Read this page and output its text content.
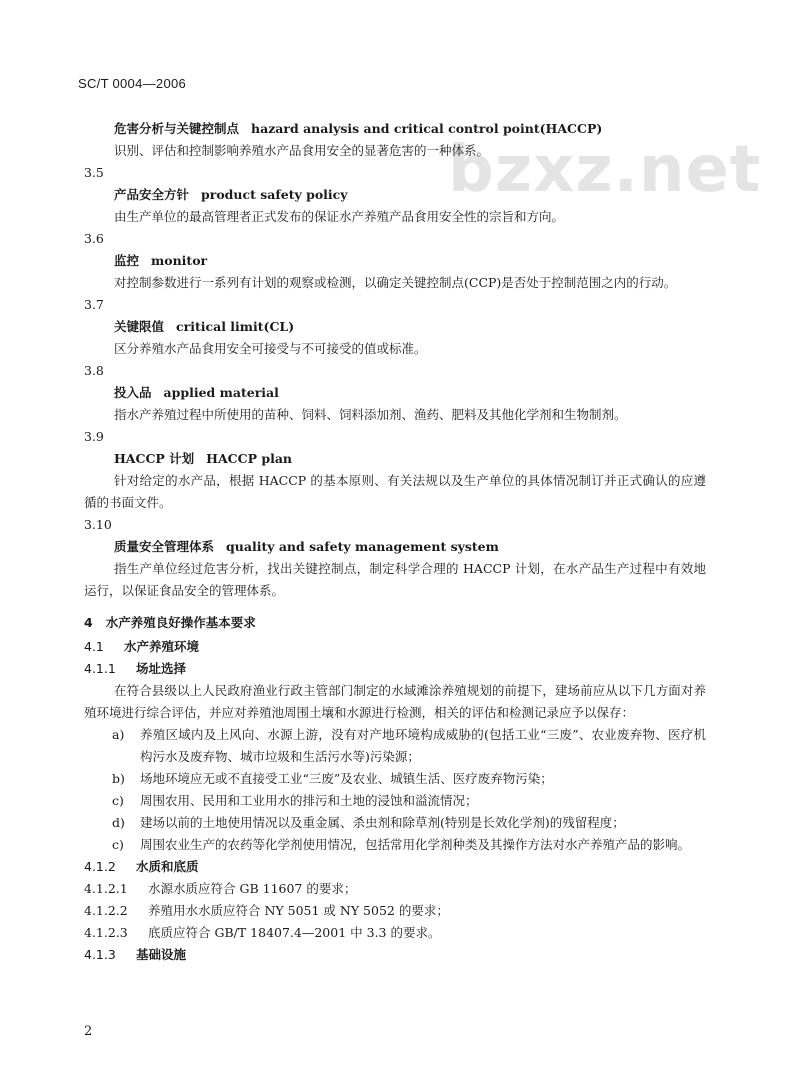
SC/T 0004—2006
bzxz.net

危害分析与关键控制点 hazard analysis and critical control point(HACCP)

识别、评估和控制影响养殖水产品食用安全的显著危害的一种体系。

3.5

产品安全方针 product safety policy

由生产单位的最高管理者正式发布的保证水产养殖产品食用安全性的宗旨和方向。

3.6

监控 monitor

对控制参数进行一系列有计划的观察或检测，以确定关键控制点(CCP)是否处于控制范围之内的行动。

3.7

关键限值 critical limit(CL)

区分养殖水产品食用安全可接受与不可接受的值或标准。

3.8

投入品 applied material

指水产养殖过程中所使用的苗种、饲料、饲料添加剂、渔药、肥料及其他化学剂和生物制剂。

3.9

HACCP 计划 HACCP plan

针对给定的水产品，根据 HACCP 的基本原则、有关法规以及生产单位的具体情况制订并正式确认的应遵循的书面文件。

3.10

质量安全管理体系 quality and safety management system

指生产单位经过危害分析，找出关键控制点，制定科学合理的 HACCP 计划，在水产品生产过程中有效地运行，以保证食品安全的管理体系。

4 水产养殖良好操作基本要求

4.1 水产养殖环境

4.1.1 场址选择

在符合县级以上人民政府渔业行政主管部门制定的水域滩涂养殖规划的前提下，建场前应从以下几方面对养殖环境进行综合评估，并应对养殖池周围土壤和水源进行检测，相关的评估和检测记录应予以保存：

a) 养殖区域内及上风向、水源上游，没有对产地环境构成威胁的(包括工业“三废”、农业废弃物、医疗机构污水及废弃物、城市垃圾和生活污水等)污染源；
b) 场地环境应无或不直接受工业“三废”及农业、城镇生活、医疗废弃物污染；
c) 周围农用、民用和工业用水的排污和土地的浸蚀和溢流情况；
d) 建场以前的土地使用情况以及重金属、杀虫剂和除草剂(特别是长效化学剂)的残留程度；
c) 周围农业生产的农药等化学剂使用情况，包括常用化学剂种类及其操作方法对水产养殖产品的影响。

4.1.2 水质和底质

4.1.2.1 水源水质应符合 GB 11607 的要求；

4.1.2.2 养殖用水水质应符合 NY 5051 或 NY 5052 的要求；

4.1.2.3 底质应符合 GB/T 18407.4—2001 中 3.3 的要求。

4.1.3 基础设施

2
